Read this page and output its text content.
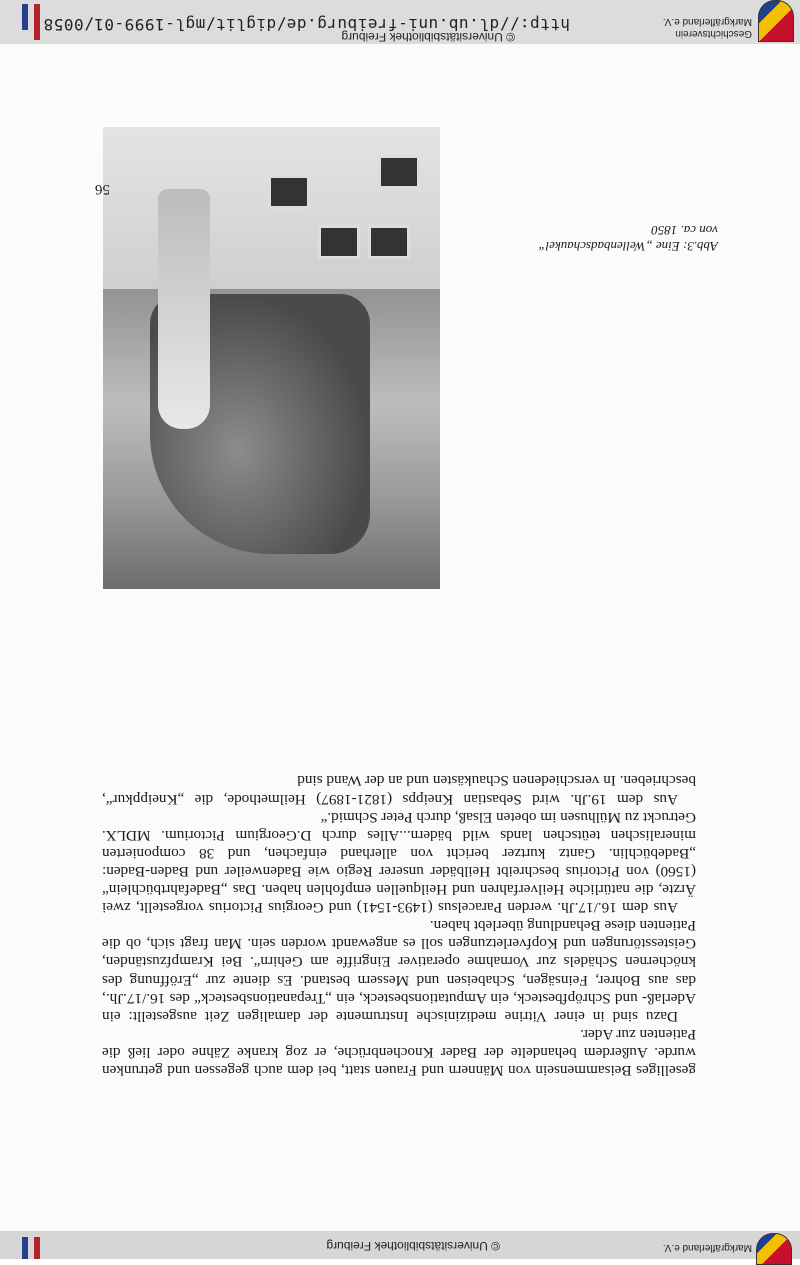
http://dl.ub.uni-freiburg.de/diglit/mgl-1999-01/0058
© Universitätsbibliothek Freiburg	Geschichtsverein Markgräflerland e.V.
© Universitätsbibliothek Freiburg	Markgräflerland e.V.
Abb.3: Eine „Wellenbadschaukel“
von ca. 1850

geselliges Beisammensein von Männern und Frauen statt, bei dem auch gegessen und getrunken wurde. Außerdem behandelte der Bader Knochenbrüche, er zog kranke Zähne oder ließ die Patienten zur Ader.

Dazu sind in einer Vitrine medizinische Instrumente der damaligen Zeit ausgestellt: ein Aderlaß- und Schröpfbesteck, ein Amputationsbesteck, ein „Trepanationsbesteck“ des 16./17.Jh., das aus Bohrer, Feinsägen, Schabeisen und Messern bestand. Es diente zur „Eröffnung des knöchernen Schädels zur Vornahme operativer Eingriffe am Gehirn“. Bei Krampfzuständen, Geistesstörungen und Kopfverletzungen soll es angewandt worden sein. Man fragt sich, ob die Patienten diese Behandlung überlebt haben.

Aus dem 16./17.Jh. werden Paracelsus (1493-1541) und Georgius Pictorius vorgestellt, zwei Ärzte, die natürliche Heilverfahren und Heilquellen empfohlen haben. Das „Badefahrtbüchlein“ (1560) von Pictorius beschreibt Heilbäder unserer Regio wie Badenweiler und Baden-Baden: „Badebüchlin. Gantz kurtzer bericht von allerhand einfachen, und 38 componierten mineralischen teütschen lands wild bädern...Alles durch D.Georgium Pictorium. MDLX. Getruckt zu Mülhusen im obeten Elsaß, durch Peter Schmid.“

Aus dem 19.Jh. wird Sebastian Kneipps (1821-1897) Heilmethode, die „Kneippkur“, beschrieben. In verschiedenen Schaukästen und an der Wand sind

56
